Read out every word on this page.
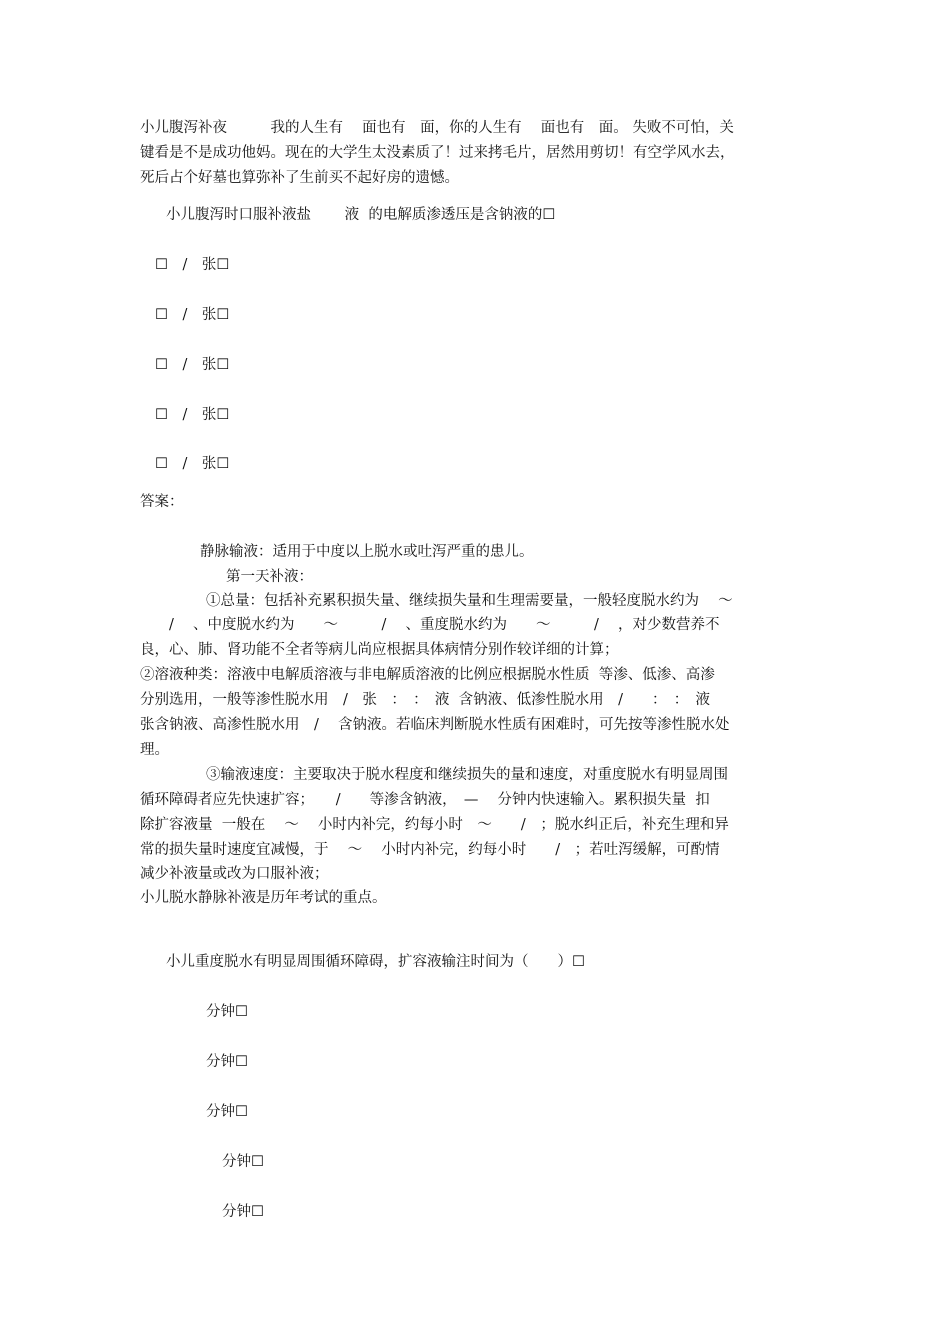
小儿腹泻补夜　　　我的人生有　 面也有　面，你的人生有　 面也有　面。 失败不可怕，关
键看是不是成功他妈。现在的大学生太没素质了！过来拷毛片，居然用剪切！有空学风水去，
死后占个好墓也算弥补了生前买不起好房的遗憾。
小儿腹泻时口服补液盐　　 液  的电解质渗透压是含钠液的☐
☐　/　张☐
☐　/　张☐
☐　/　张☐
☐　/　张☐
☐　/　张☐
答案：
静脉输液：适用于中度以上脱水或吐泻严重的患儿。
第一天补液：
①总量：包括补充累积损失量、继续损失量和生理需要量，一般轻度脱水约为　 ～
　　/　 、中度脱水约为　　～　　　/　 、重度脱水约为　　～　　　/　 ，对少数营养不
良，心、肺、肾功能不全者等病儿尚应根据具体病情分别作较详细的计算；
②溶液种类：溶液中电解质溶液与非电解质溶液的比例应根据脱水性质  等渗、低渗、高渗
分别选用，一般等渗性脱水用　/　张　：　：　液  含钠液、低渗性脱水用　/　　：　：　液
张含钠液、高渗性脱水用　/　 含钠液。若临床判断脱水性质有困难时，可先按等渗性脱水处
理。
③输液速度：主要取决于脱水程度和继续损失的量和速度，对重度脱水有明显周围
循环障碍者应先快速扩容；　　/　　等渗含钠液，　—　 分钟内快速输入。累积损失量  扣
除扩容液量  一般在　 ～　 小时内补完，约每小时　～　　/　；脱水纠正后，补充生理和异
常的损失量时速度宜减慢，于　 ～　 小时内补完，约每小时　　/　；若吐泻缓解，可酌情
减少补液量或改为口服补液；
小儿脱水静脉补液是历年考试的重点。
小儿重度脱水有明显周围循环障碍，扩容液输注时间为（　　）☐
分钟☐
分钟☐
分钟☐
分钟☐
分钟☐
